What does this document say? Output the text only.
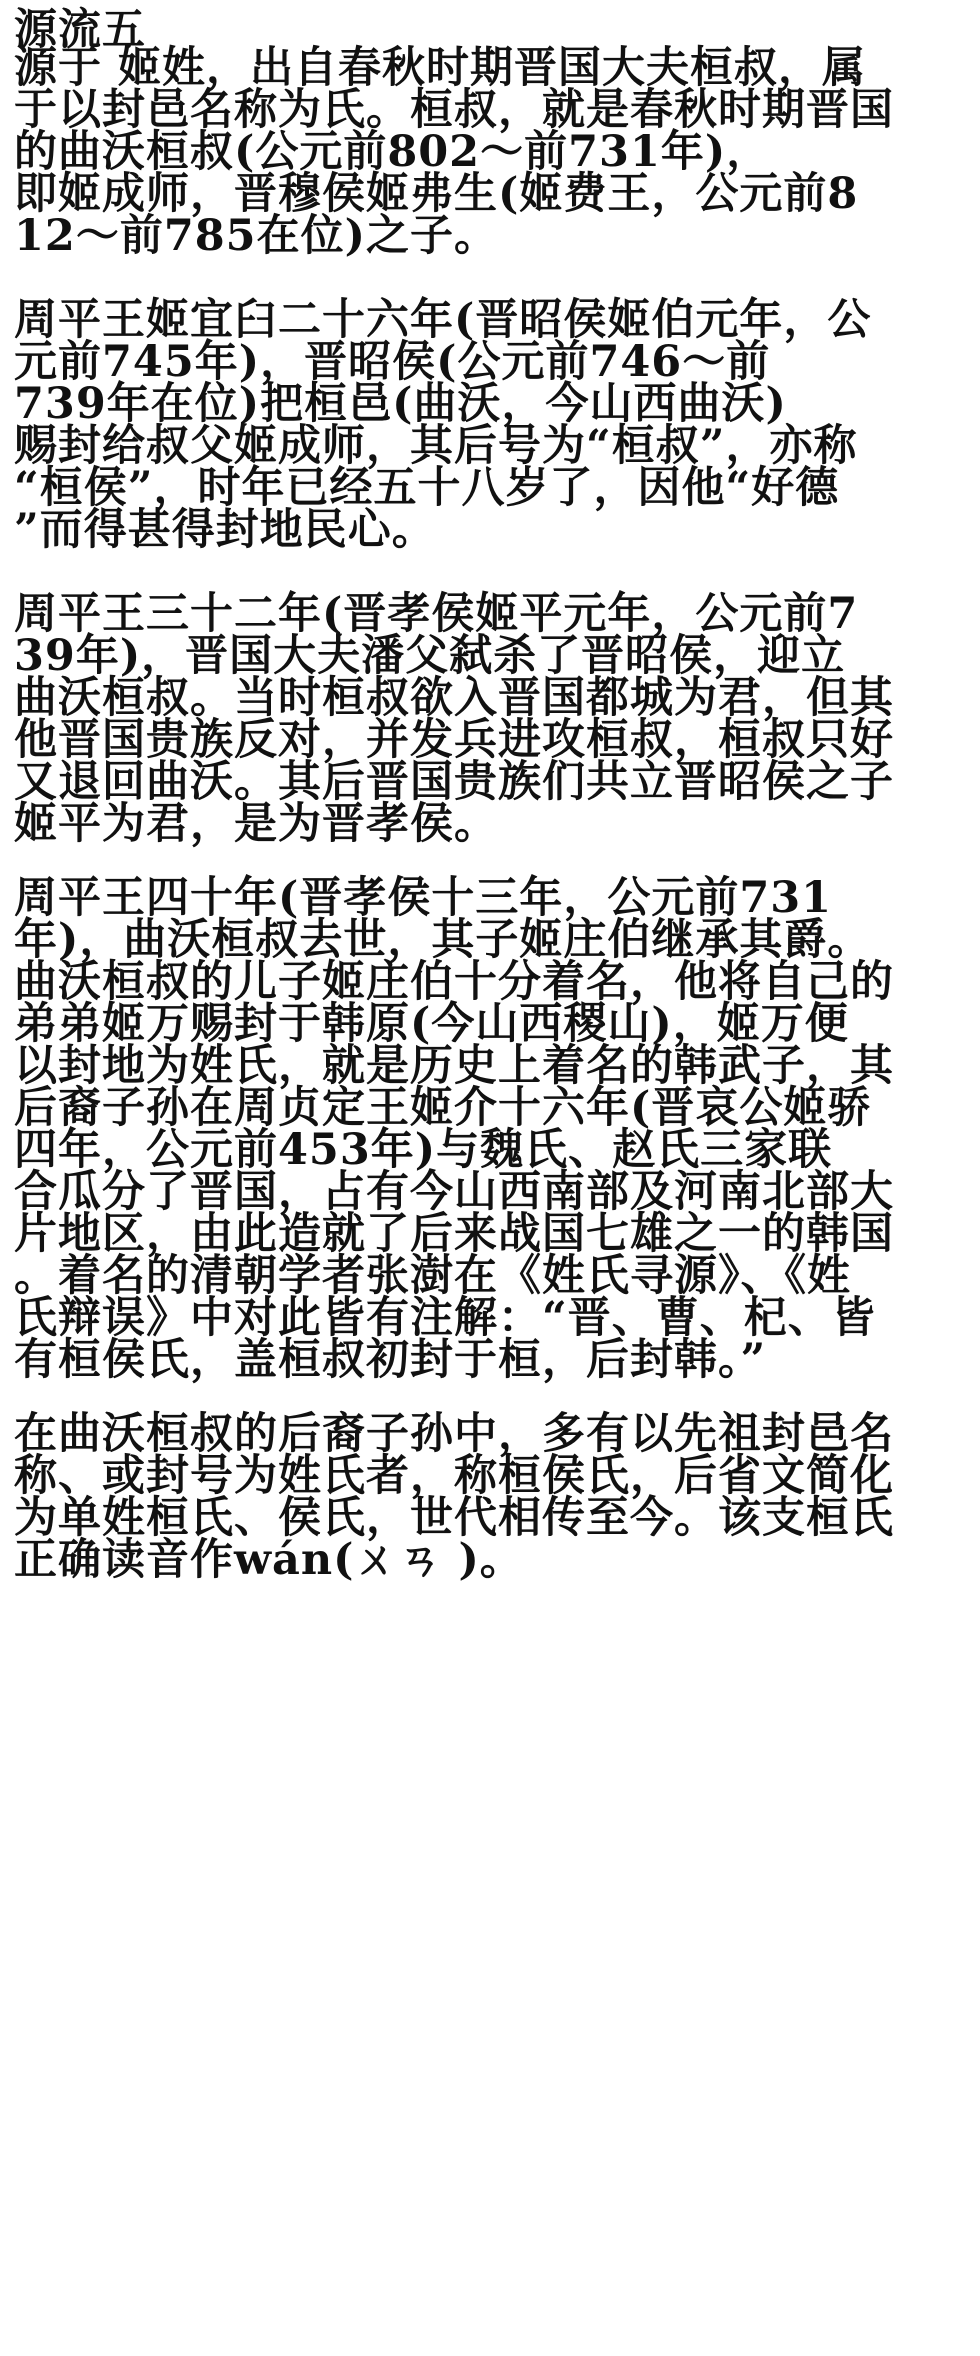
源流五
源于 姬姓，出自春秋时期晋国大夫桓叔，属
于以封邑名称为氏。桓叔，就是春秋时期晋国
的曲沃桓叔(公元前802～前731年)，
即姬成师，晋穆侯姬弗生(姬费王，公元前8
12～前785在位)之子。
周平王姬宜臼二十六年(晋昭侯姬伯元年，公
元前745年)，晋昭侯(公元前746～前
739年在位)把桓邑(曲沃，今山西曲沃)
赐封给叔父姬成师，其后号为“桓叔”，亦称
“桓侯”，时年已经五十八岁了，因他“好德
”而得甚得封地民心。
周平王三十二年(晋孝侯姬平元年，公元前7
39年)，晋国大夫潘父弑杀了晋昭侯，迎立
曲沃桓叔。当时桓叔欲入晋国都城为君，但其
他晋国贵族反对，并发兵进攻桓叔，桓叔只好
又退回曲沃。其后晋国贵族们共立晋昭侯之子
姬平为君，是为晋孝侯。
周平王四十年(晋孝侯十三年，公元前731
年)，曲沃桓叔去世，其子姬庄伯继承其爵。
曲沃桓叔的儿子姬庄伯十分着名，他将自己的
弟弟姬万赐封于韩原(今山西稷山)，姬万便
以封地为姓氏，就是历史上着名的韩武子，其
后裔子孙在周贞定王姬介十六年(晋哀公姬骄
四年，公元前453年)与魏氏、赵氏三家联
合瓜分了晋国，占有今山西南部及河南北部大
片地区，由此造就了后来战国七雄之一的韩国
。着名的清朝学者张澍在《姓氏寻源》、《姓
氏辩误》中对此皆有注解：“晋、曹、杞、皆
有桓侯氏，盖桓叔初封于桓，后封韩。”
在曲沃桓叔的后裔子孙中，多有以先祖封邑名
称、或封号为姓氏者，称桓侯氏，后省文简化
为单姓桓氏、侯氏，世代相传至今。该支桓氏
正确读音作wán(ㄨㄢ )。
